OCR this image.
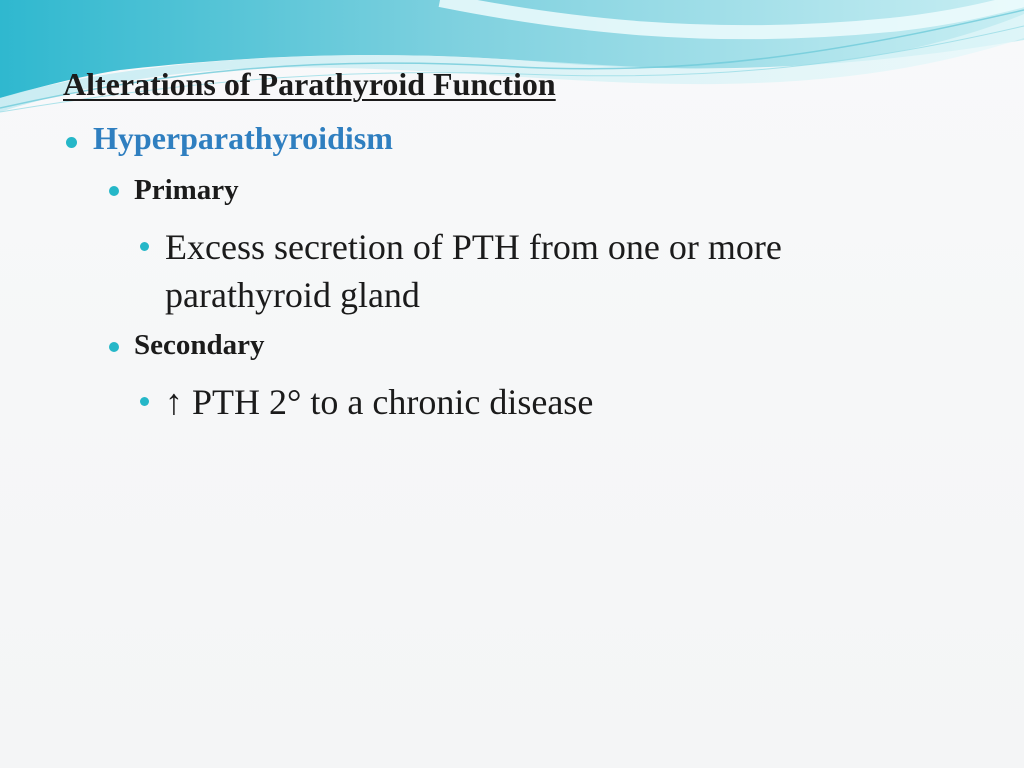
Alterations of Parathyroid Function
Hyperparathyroidism
Primary
Excess secretion of PTH from one or more
parathyroid gland
Secondary
↑ PTH 2° to a chronic disease
